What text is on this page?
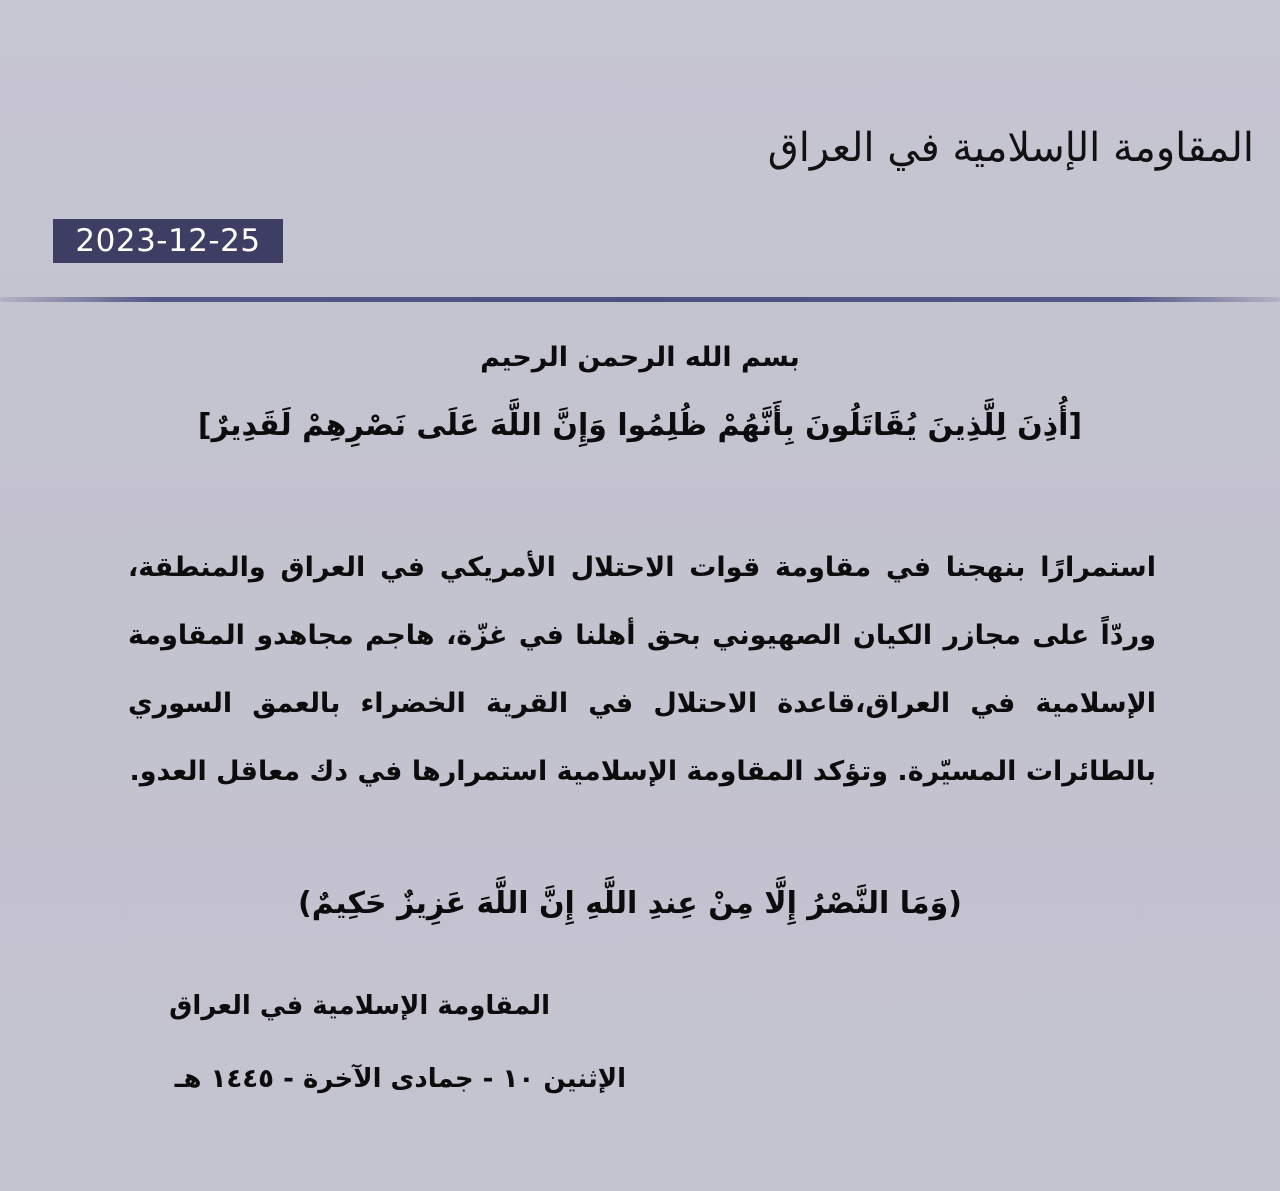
المقاومة الإسلامية في العراق
2023-12-25
بسم الله الرحمن الرحيم
[أُذِنَ لِلَّذِينَ يُقَاتَلُونَ بِأَنَّهُمْ ظُلِمُوا وَإِنَّ اللَّهَ عَلَى نَصْرِهِمْ لَقَدِيرٌ]
استمرارًا بنهجنا في مقاومة قوات الاحتلال الأمريكي في العراق والمنطقة، وردّاً على مجازر الكيان الصهيوني بحق أهلنا في غزّة، هاجم مجاهدو المقاومة الإسلامية في العراق،قاعدة الاحتلال في القرية الخضراء بالعمق السوري بالطائرات المسيّرة. وتؤكد المقاومة الإسلامية استمرارها في دك معاقل العدو.
(وَمَا النَّصْرُ إِلَّا مِنْ عِندِ اللَّهِ إِنَّ اللَّهَ عَزِيزٌ حَكِيمٌ)
المقاومة الإسلامية في العراق
الإثنين ١٠ - جمادى الآخرة - ١٤٤٥ هـ
